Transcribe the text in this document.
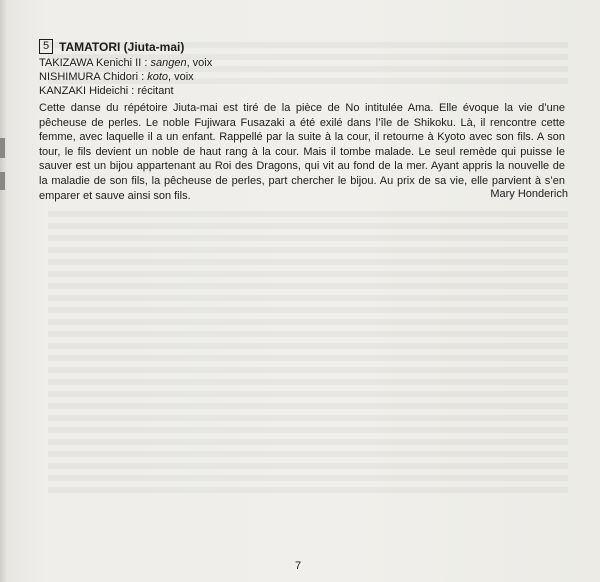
5 TAMATORI (Jiuta-mai)
TAKIZAWA Kenichi II : sangen, voix
NISHIMURA Chidori : koto, voix
KANZAKI Hideichi : récitant
Cette danse du répétoire Jiuta-mai est tiré de la pièce de No intitulée Ama. Elle évoque la vie d’une pêcheuse de perles. Le noble Fujiwara Fusazaki a été exilé dans l’île de Shikoku. Là, il rencontre cette femme, avec laquelle il a un enfant. Rappellé par la suite à la cour, il retourne à Kyoto avec son fils. A son tour, le fils devient un noble de haut rang à la cour. Mais il tombe malade. Le seul remède qui puisse le sauver est un bijou appartenant au Roi des Dragons, qui vit au fond de la mer. Ayant appris la nouvelle de la maladie de son fils, la pêcheuse de perles, part chercher le bijou. Au prix de sa vie, elle parvient à s’en emparer et sauve ainsi son fils.	Mary Honderich
7
